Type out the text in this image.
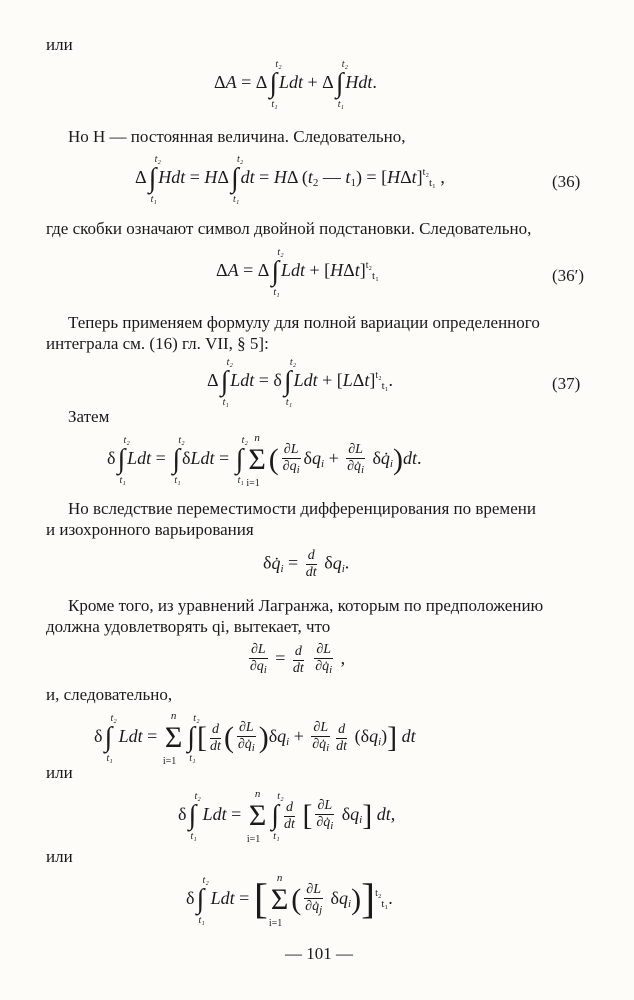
или
ΔA = Δ∫
t₂
t₁
Ldt + Δ∫
t₂
t₁
Hdt.
Но H — постоянная величина. Следовательно,
Δ∫
t₂
t₁
Hdt = HΔ∫
t₂
t₁
dt = HΔ ($t_2$ — $t_1) = [H\Delta t]^{t_2}_{t_1}$ ,	(36)
где скобки означают символ двойной подстановки. Следовательно,
ΔA = Δ∫
t₂
t₁
Ldt + $[H\Delta t]^{t_2}_{t_1}$	(36′)
Теперь применяем формулу для полной вариации определенного
интеграла см. (16) гл. VII, § 5]:
Δ∫
t₂
t₁
Ldt = δ∫
t₂
t₁
Ldt + $[L\Delta t]^{t_2}_{t_1}$.	(37)
Затем
δ∫
t₂
t₁
Ldt = ∫
t₂
t₁
δLdt = ∫
t₂
t₁
Σ
n
i=1
( $\frac{\partial L}{\partial q_i} \delta q_i + \frac{\partial L}{\partial q̇_i}$ $\delta q̇_i)dt$.
Но вследствие переместимости дифференцирования по времени
и изохронного варьирования
$\delta q̇_i = \frac{d}{dt} \delta q_i$.
Кроме того, из уравнений Лагранжа, которым по предположению
должна удовлетворять qi, вытекает, что
$\frac{\partial L}{\partial q_i} = \frac{d}{dt}$
$\frac{\partial L}{\partial q̇_i}$ ,
и, следовательно,
δ∫
t₂
t₁
Ldt = Σ
n
i=1
∫
t₂
t₁
[ $\frac{d}{dt}$ ( $\frac{\partial L}{\partial q̇_i} )\delta q_i + \frac{\partial L}{\partial q̇_i} \frac{d}{dt} (\delta q_i)$] dt
или
δ∫
t₂
t₁
Ldt = Σ
n
i=1
∫
t₂
t₁
$\frac{d}{dt}$ [ $\frac{\partial L}{\partial q̇_i} \delta q_i$] dt,
или
δ∫
t₂
t₁
Ldt = [ Σ
n
i=1
( $\frac{\partial L}{\partial q̇_j} \delta q_i)]^{t_2}_{t_1}$.
— 101 —
